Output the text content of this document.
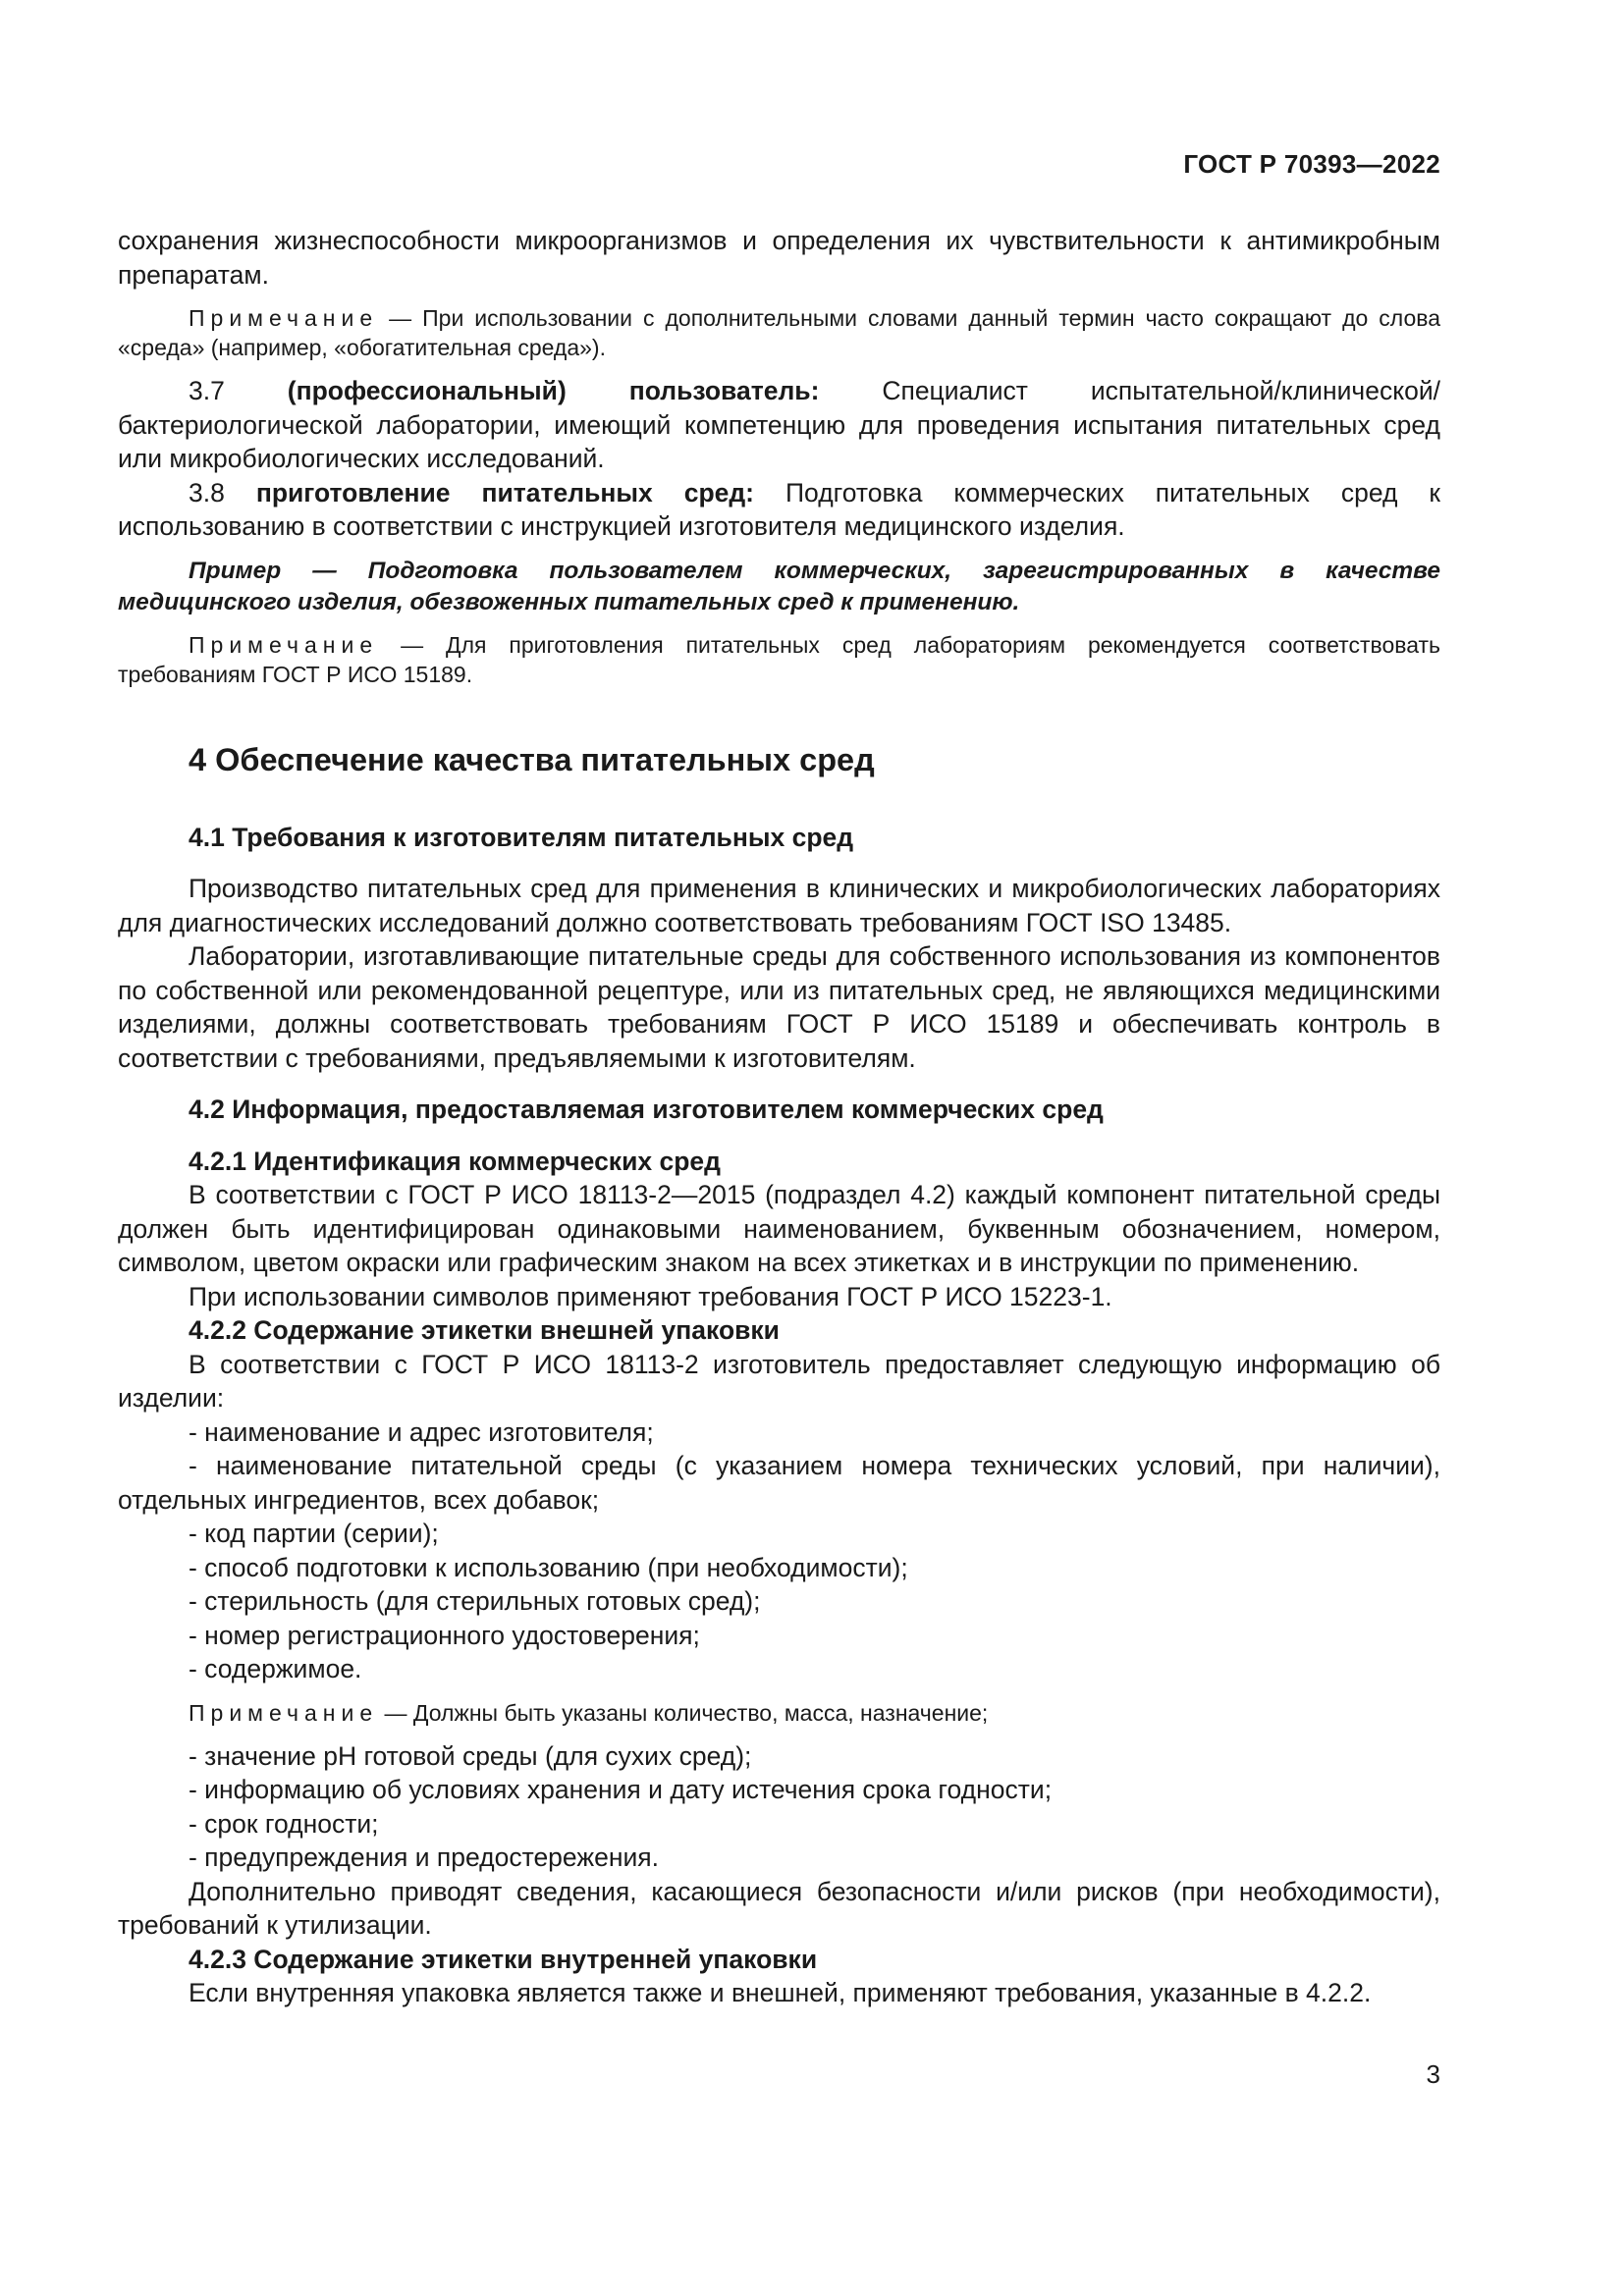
ГОСТ Р 70393—2022

сохранения жизнеспособности микроорганизмов и определения их чувствительности к антимикробным препаратам.

Примечание — При использовании с дополнительными словами данный термин часто сокращают до слова «среда» (например, «обогатительная среда»).

3.7 (профессиональный) пользователь: Специалист испытательной/клинической/бактериологической лаборатории, имеющий компетенцию для проведения испытания питательных сред или микробиологических исследований.

3.8 приготовление питательных сред: Подготовка коммерческих питательных сред к использованию в соответствии с инструкцией изготовителя медицинского изделия.

Пример — Подготовка пользователем коммерческих, зарегистрированных в качестве медицинского изделия, обезвоженных питательных сред к применению.

Примечание — Для приготовления питательных сред лабораториям рекомендуется соответствовать требованиям ГОСТ Р ИСО 15189.

4 Обеспечение качества питательных сред
4.1 Требования к изготовителям питательных сред

Производство питательных сред для применения в клинических и микробиологических лабораториях для диагностических исследований должно соответствовать требованиям ГОСТ ISO 13485.

Лаборатории, изготавливающие питательные среды для собственного использования из компонентов по собственной или рекомендованной рецептуре, или из питательных сред, не являющихся медицинскими изделиями, должны соответствовать требованиям ГОСТ Р ИСО 15189 и обеспечивать контроль в соответствии с требованиями, предъявляемыми к изготовителям.

4.2 Информация, предоставляемая изготовителем коммерческих сред

4.2.1 Идентификация коммерческих сред

В соответствии с ГОСТ Р ИСО 18113-2—2015 (подраздел 4.2) каждый компонент питательной среды должен быть идентифицирован одинаковыми наименованием, буквенным обозначением, номером, символом, цветом окраски или графическим знаком на всех этикетках и в инструкции по применению.

При использовании символов применяют требования ГОСТ Р ИСО 15223-1.

4.2.2 Содержание этикетки внешней упаковки

В соответствии с ГОСТ Р ИСО 18113-2 изготовитель предоставляет следующую информацию об изделии:

- наименование и адрес изготовителя;

- наименование питательной среды (с указанием номера технических условий, при наличии), отдельных ингредиентов, всех добавок;

- код партии (серии);

- способ подготовки к использованию (при необходимости);

- стерильность (для стерильных готовых сред);

- номер регистрационного удостоверения;

- содержимое.

Примечание — Должны быть указаны количество, масса, назначение;

- значение рН готовой среды (для сухих сред);

- информацию об условиях хранения и дату истечения срока годности;

- срок годности;

- предупреждения и предостережения.

Дополнительно приводят сведения, касающиеся безопасности и/или рисков (при необходимости), требований к утилизации.

4.2.3 Содержание этикетки внутренней упаковки

Если внутренняя упаковка является также и внешней, применяют требования, указанные в 4.2.2.

3
